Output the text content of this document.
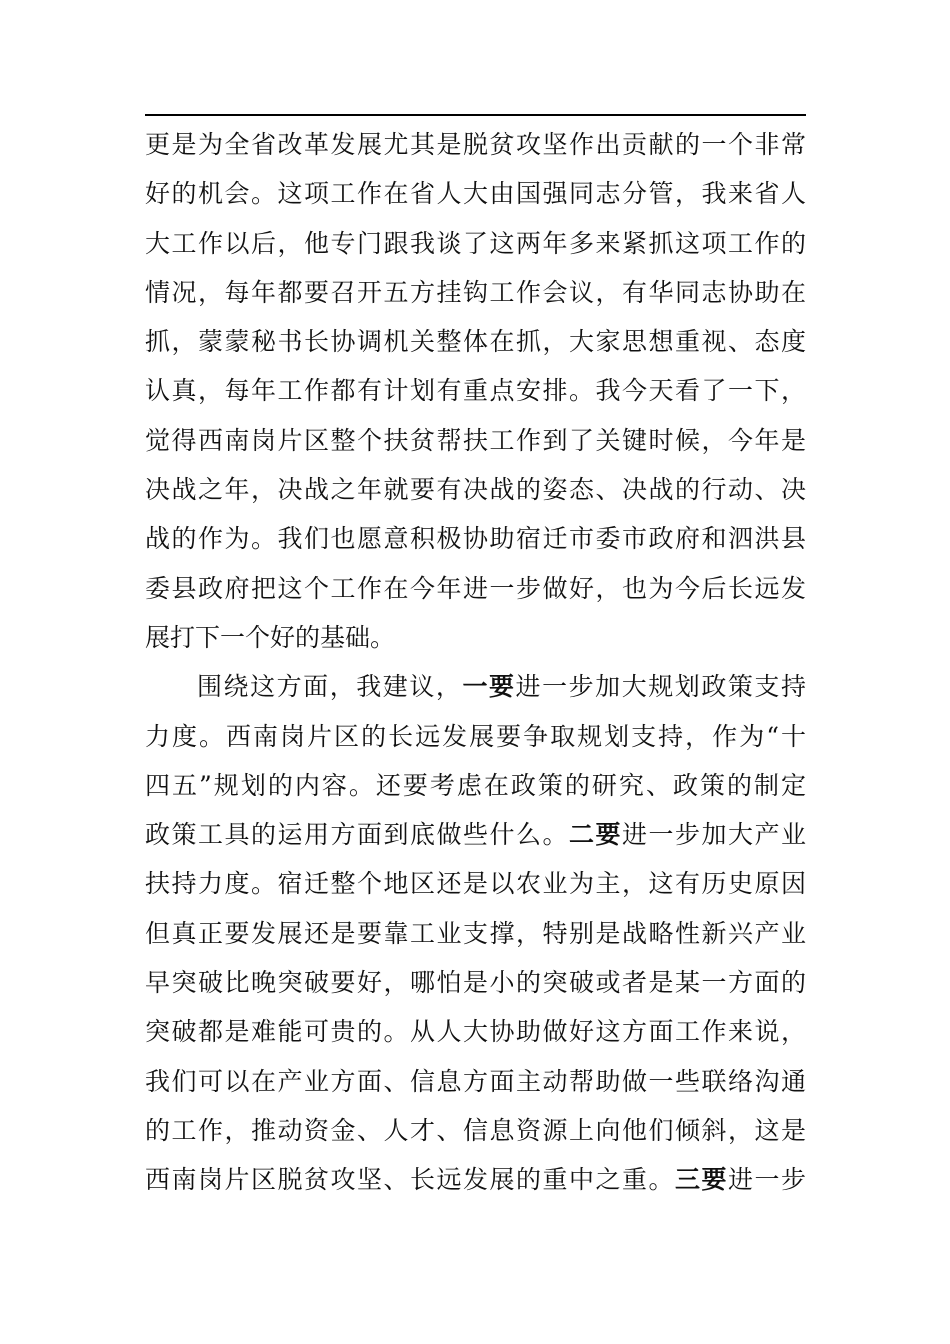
更是为全省改革发展尤其是脱贫攻坚作出贡献的一个非常
好的机会。这项工作在省人大由国强同志分管，我来省人
大工作以后，他专门跟我谈了这两年多来紧抓这项工作的
情况，每年都要召开五方挂钩工作会议，有华同志协助在
抓，蒙蒙秘书长协调机关整体在抓，大家思想重视、态度
认真，每年工作都有计划有重点安排。我今天看了一下，
觉得西南岗片区整个扶贫帮扶工作到了关键时候，今年是
决战之年，决战之年就要有决战的姿态、决战的行动、决
战的作为。我们也愿意积极协助宿迁市委市政府和泗洪县
委县政府把这个工作在今年进一步做好，也为今后长远发
展打下一个好的基础。
围绕这方面，我建议，一要进一步加大规划政策支持
力度。西南岗片区的长远发展要争取规划支持，作为“十
四五”规划的内容。还要考虑在政策的研究、政策的制定
政策工具的运用方面到底做些什么。二要进一步加大产业
扶持力度。宿迁整个地区还是以农业为主，这有历史原因
但真正要发展还是要靠工业支撑，特别是战略性新兴产业
早突破比晚突破要好，哪怕是小的突破或者是某一方面的
突破都是难能可贵的。从人大协助做好这方面工作来说，
我们可以在产业方面、信息方面主动帮助做一些联络沟通
的工作，推动资金、人才、信息资源上向他们倾斜，这是
西南岗片区脱贫攻坚、长远发展的重中之重。三要进一步
